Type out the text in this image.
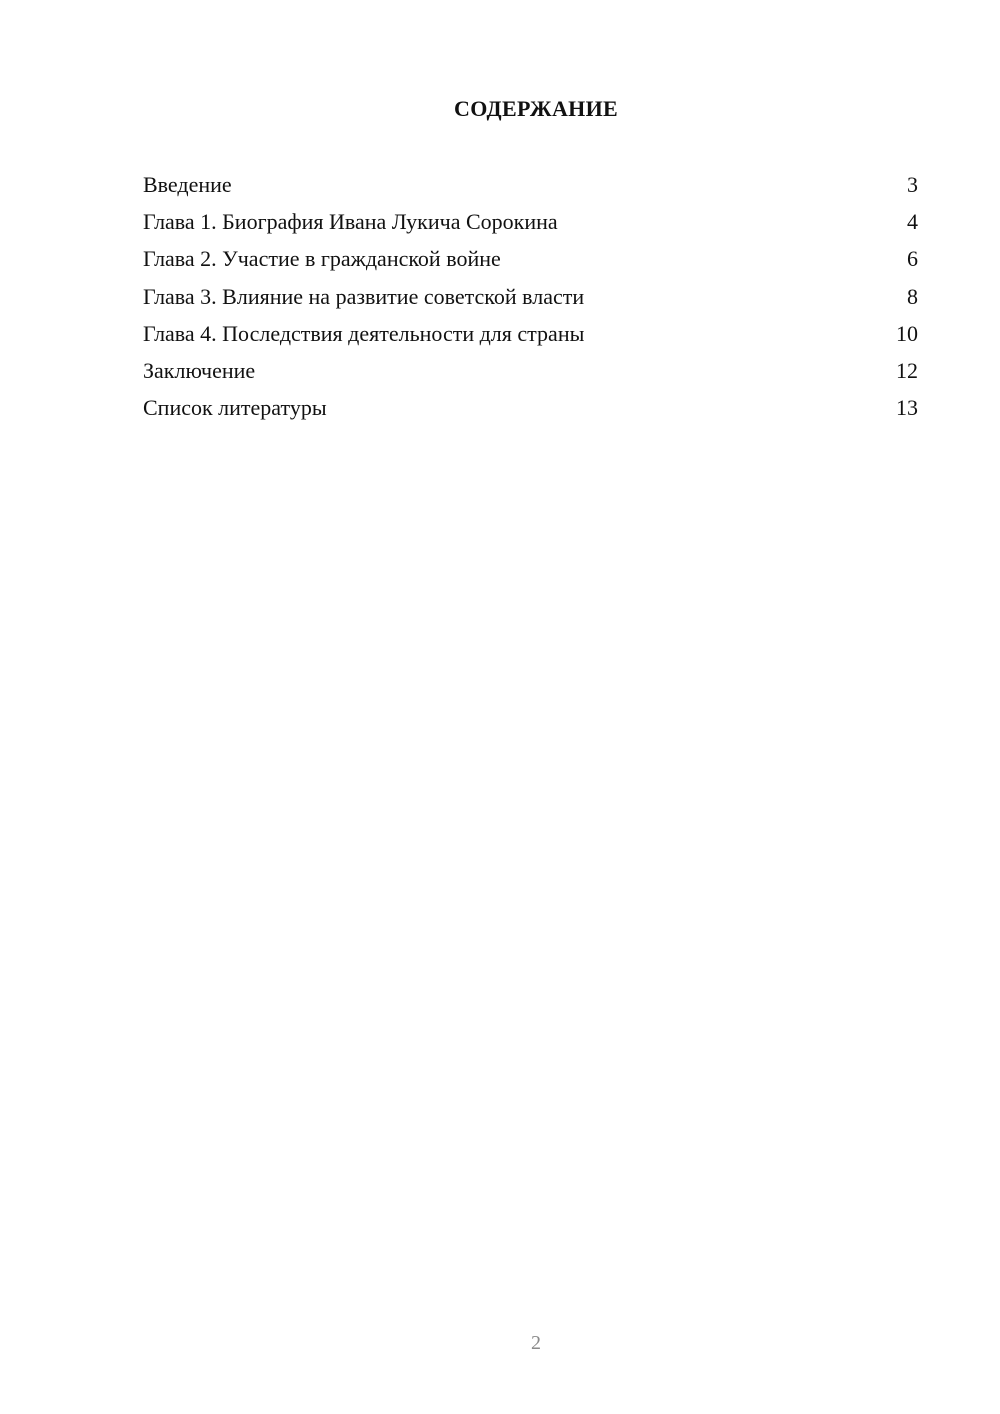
СОДЕРЖАНИЕ
Введение	3
Глава 1. Биография Ивана Лукича Сорокина	4
Глава 2. Участие в гражданской войне	6
Глава 3. Влияние на развитие советской власти	8
Глава 4. Последствия деятельности для страны	10
Заключение	12
Список литературы	13
2
